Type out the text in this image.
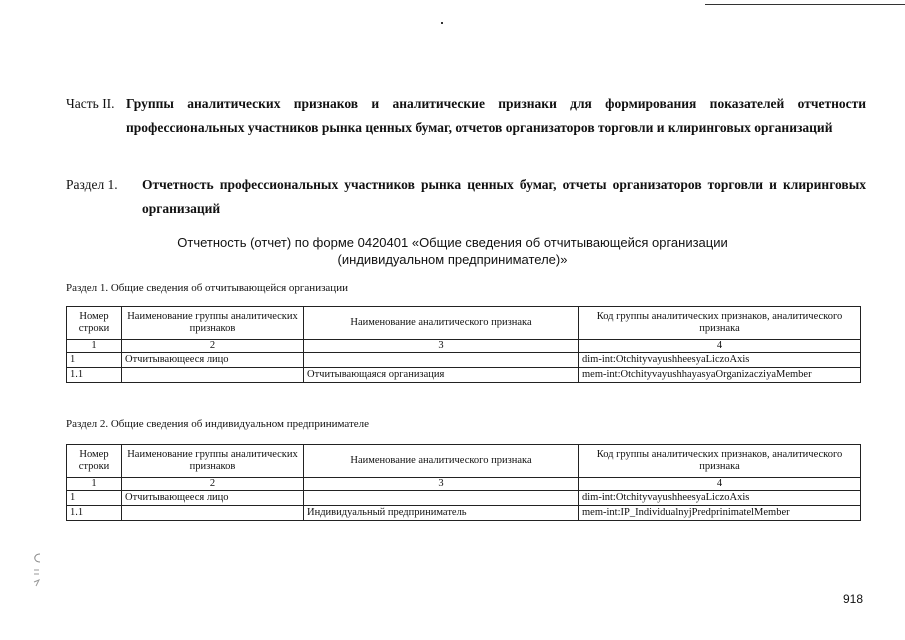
Часть II. Группы аналитических признаков и аналитические признаки для формирования показателей отчетности профессиональных участников рынка ценных бумаг, отчетов организаторов торговли и клиринговых организаций
Раздел 1. Отчетность профессиональных участников рынка ценных бумаг, отчеты организаторов торговли и клиринговых организаций
Отчетность (отчет) по форме 0420401 «Общие сведения об отчитывающейся организации
(индивидуальном предпринимателе)»
Раздел 1. Общие сведения об отчитывающейся организации
Номер строки	Наименование группы аналитических признаков	Наименование аналитического признака	Код группы аналитических признаков, аналитического признака
1	2	3	4
1	Отчитывающееся лицо		dim-int:OtchityvayushheesyaLiczoAxis
1.1		Отчитывающаяся организация	mem-int:OtchityvayushhayasyaOrganizacziyaMember
Раздел 2. Общие сведения об индивидуальном предпринимателе
Номер строки	Наименование группы аналитических признаков	Наименование аналитического признака	Код группы аналитических признаков, аналитического признака
1	2	3	4
1	Отчитывающееся лицо		dim-int:OtchityvayushheesyaLiczoAxis
1.1		Индивидуальный предприниматель	mem-int:IP_IndividualnyjPredprinimatelMember
918
